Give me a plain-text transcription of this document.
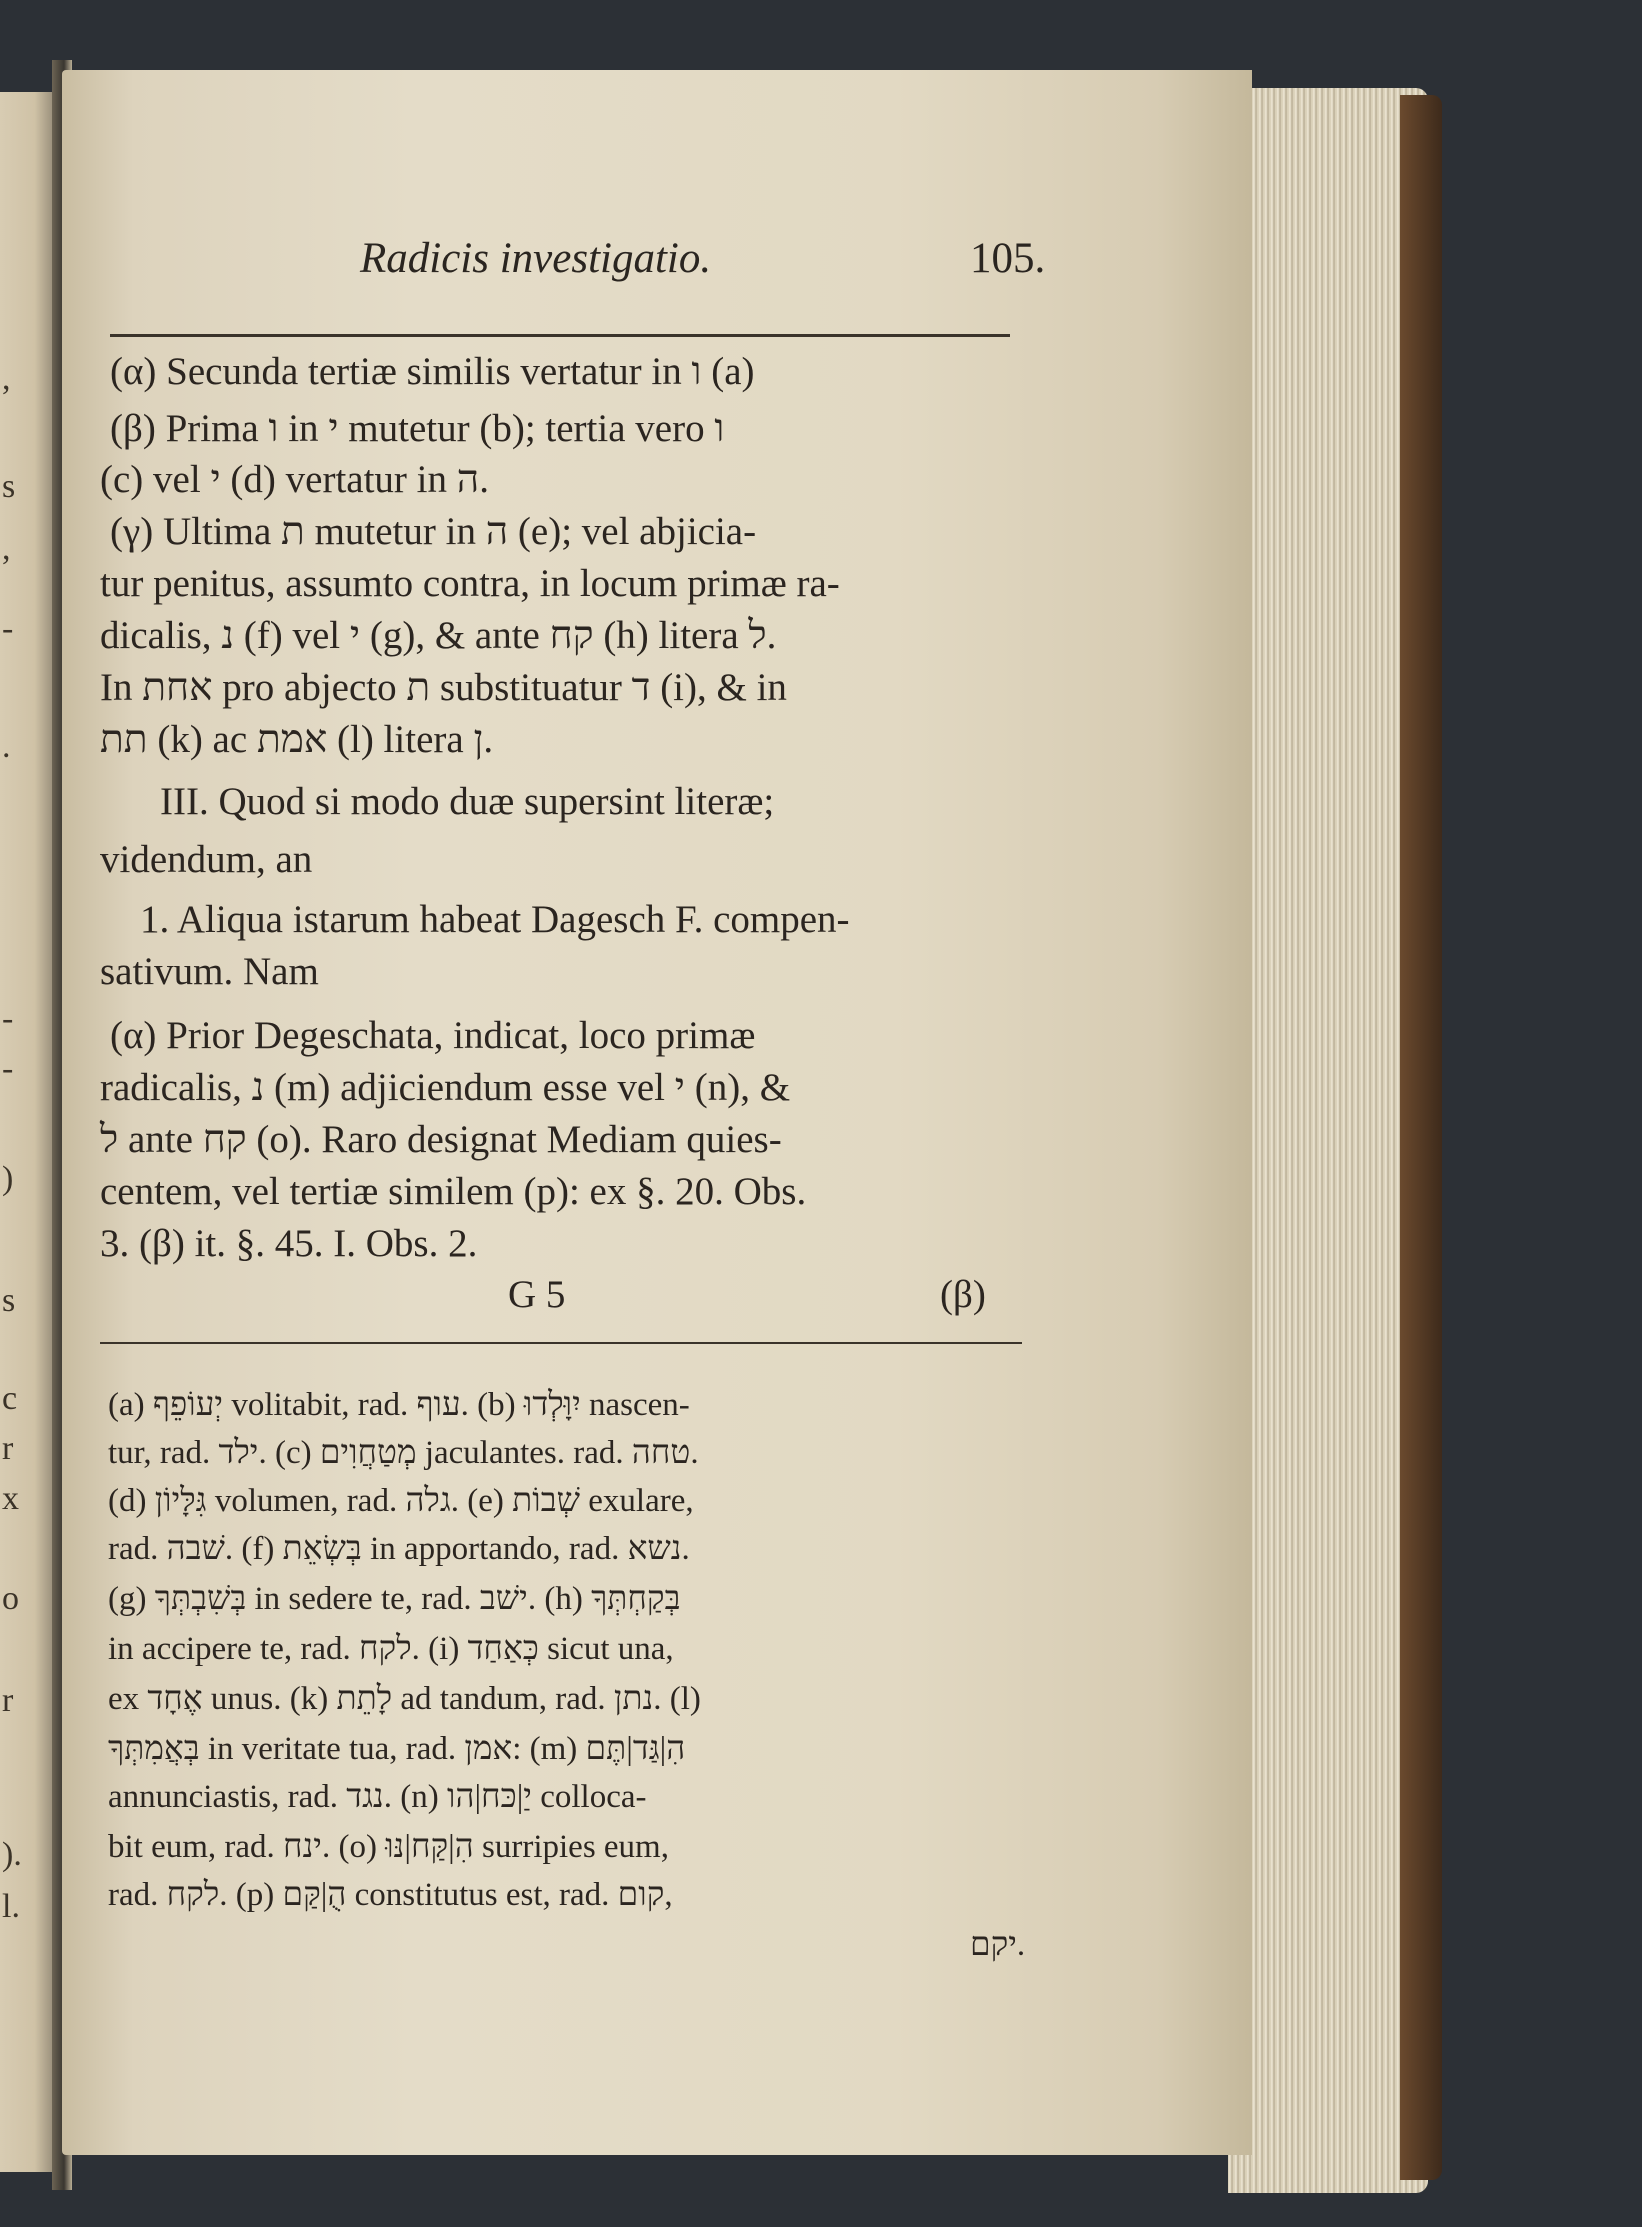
,
s
,
-
.
-
-
)
s
c
r
x
o
r
).
l.
Radicis investigatio.	105.
(α) Secunda tertiæ similis vertatur in ו (a)
(β) Prima ו in י mutetur (b); tertia vero ו
(c) vel י (d) vertatur in ה.
(γ) Ultima ת mutetur in ה (e); vel abjicia-
tur penitus, assumto contra, in locum primæ ra-
dicalis, נ (f) vel י (g), & ante קח (h) litera ל.
In אחת pro abjecto ת substituatur ד (i), & in
תת (k) ac אמת (l) litera ן.
III. Quod si modo duæ supersint literæ;
videndum, an
1. Aliqua istarum habeat Dagesch F. compen-
sativum. Nam
(α) Prior Degeschata, indicat, loco primæ
radicalis, נ (m) adjiciendum esse vel י (n), &
ל ante קח (o). Raro designat Mediam quies-
centem, vel tertiæ similem (p): ex §. 20. Obs.
3. (β) it. §. 45. I. Obs. 2.
G 5	(β)
(a) יְעוֹפֵף volitabit, rad. עוף. (b) יִוָּלְדוּ nascen-
tur, rad. ילד. (c) מְטַחֲוִים jaculantes. rad. טחה.
(d) גִּלָּיוֹן volumen, rad. גלה. (e) שְׁבוֹת exulare,
rad. שׁבה. (f) בְּשְׂאֵת in apportando, rad. נשא.
(g) בְּשִׁבְתְּךָ in sedere te, rad. ישׁב. (h) בְּקַחְתְּךָ
in accipere te, rad. לקח. (i) כְּאַחַד sicut una,
ex אֶחָד unus. (k) לָתֵת ad tandum, rad. נתן. (l)
בְּאֲמִתְּךָ in veritate tua, rad. אמן: (m) הִ|גַּד|תֶּם
annunciastis, rad. נגד. (n) יַ|כּח|הו colloca-
bit eum, rad. ינח. (o) הִ|קַּח|נּוּ surripies eum,
rad. לקח. (p) הֻ|קַּם constitutus est, rad. קום,
יקם.
